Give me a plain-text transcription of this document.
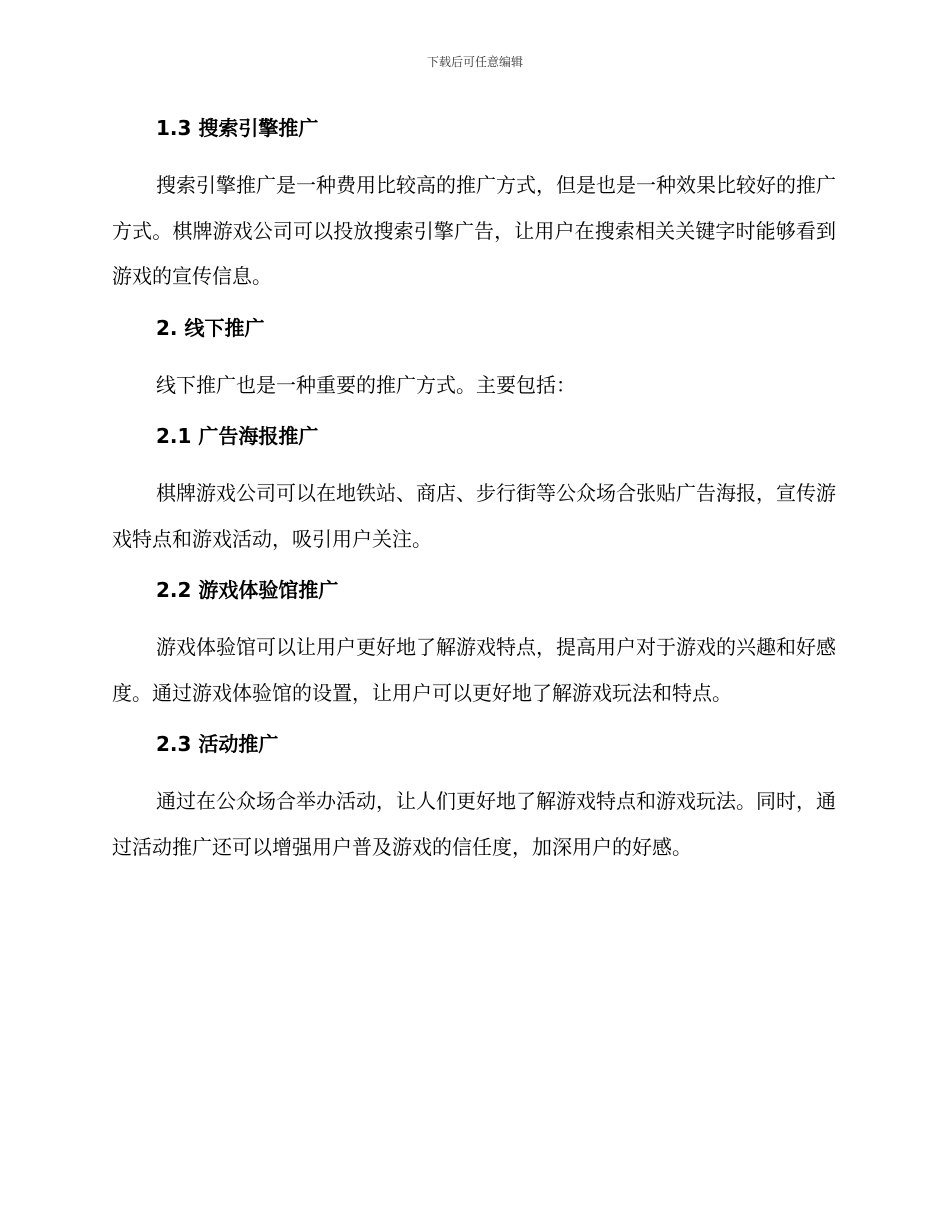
下载后可任意编辑
1.3 搜索引擎推广

搜索引擎推广是一种费用比较高的推广方式，但是也是一种效果比较好的推广方式。棋牌游戏公司可以投放搜索引擎广告，让用户在搜索相关关键字时能够看到游戏的宣传信息。

2. 线下推广

线下推广也是一种重要的推广方式。主要包括：

2.1 广告海报推广

棋牌游戏公司可以在地铁站、商店、步行街等公众场合张贴广告海报，宣传游戏特点和游戏活动，吸引用户关注。

2.2 游戏体验馆推广

游戏体验馆可以让用户更好地了解游戏特点，提高用户对于游戏的兴趣和好感度。通过游戏体验馆的设置，让用户可以更好地了解游戏玩法和特点。

2.3 活动推广

通过在公众场合举办活动，让人们更好地了解游戏特点和游戏玩法。同时，通过活动推广还可以增强用户普及游戏的信任度，加深用户的好感。
